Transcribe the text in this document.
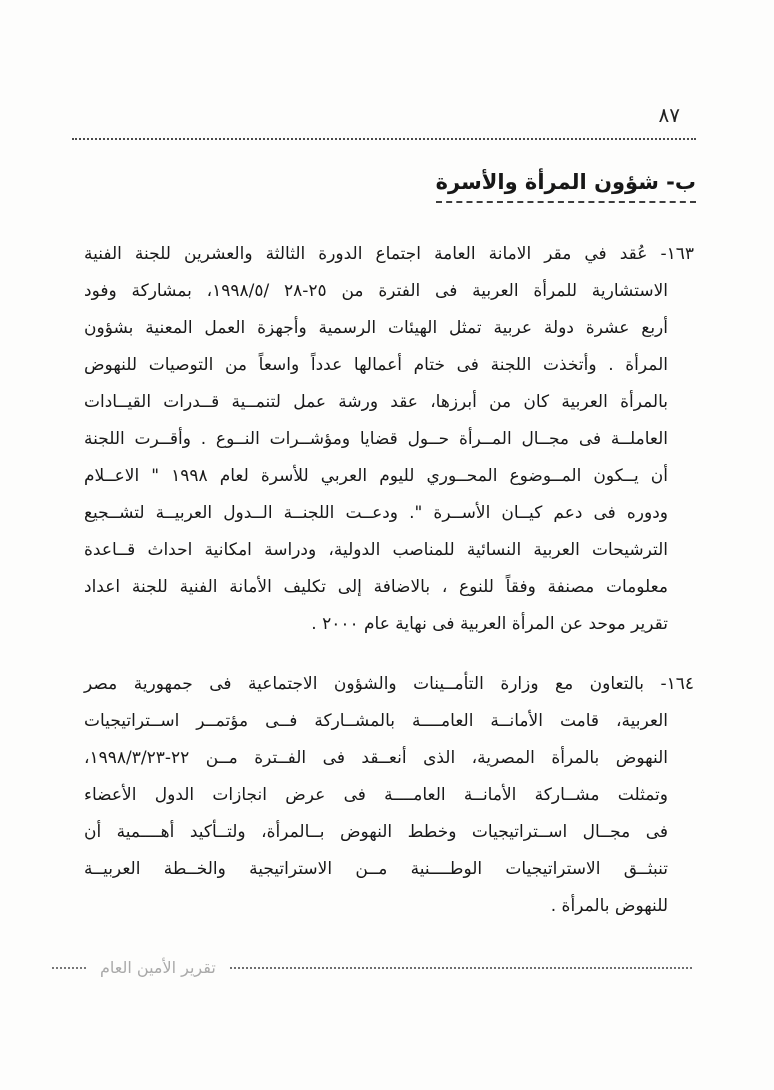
٨٧
ب- شؤون المرأة والأسرة
١٦٣- عُقد في مقر الامانة العامة اجتماع الدورة الثالثة والعشرين للجنة الفنية
الاستشارية للمرأة العربية فى الفترة من ٢٥-٢٨ /١٩٩٨/٥، بمشاركة وفود
أربع عشرة دولة عربية تمثل الهيئات الرسمية وأجهزة العمل المعنية بشؤون
المرأة . وأتخذت اللجنة فى ختام أعمالها عدداً واسعاً من التوصيات للنهوض
بالمرأة العربية كان من أبرزها، عقد ورشة عمل لتنمــية قــدرات القيــادات
العاملــة فى مجــال المــرأة حــول قضايا ومؤشــرات النــوع . وأقــرت اللجنة
أن يــكون المــوضوع المحــوري لليوم العربي للأسرة لعام ١٩٩٨ " الاعــلام
ودوره فى دعم كيــان الأســرة ". ودعــت اللجنــة الــدول العربيــة لتشــجيع
الترشيحات العربية النسائية للمناصب الدولية، ودراسة امكانية احداث قــاعدة
معلومات مصنفة وفقاً للنوع ، بالاضافة إلى تكليف الأمانة الفنية للجنة اعداد
تقرير موحد عن المرأة العربية فى نهاية عام ٢٠٠٠ .
١٦٤- بالتعاون مع وزارة التأمــينات والشؤون الاجتماعية فى جمهورية مصر
العربية، قامت الأمانــة العامــــة بالمشــاركة فــى مؤتمــر اســتراتيجيات
النهوض بالمرأة المصرية، الذى أنعــقد فى الفــترة مــن ٢٢-١٩٩٨/٣/٢٣،
وتمثلت مشــاركة الأمانــة العامــــة فى عرض انجازات الدول الأعضاء
فى مجــال اســتراتيجيات وخطط النهوض بــالمرأة، ولتــأكيد أهــــمية أن
تنبثــق الاستراتيجيات الوطــــنية مــن الاستراتيجية والخــطة العربيــة
للنهوض بالمرأة .
تقرير الأمين العام
